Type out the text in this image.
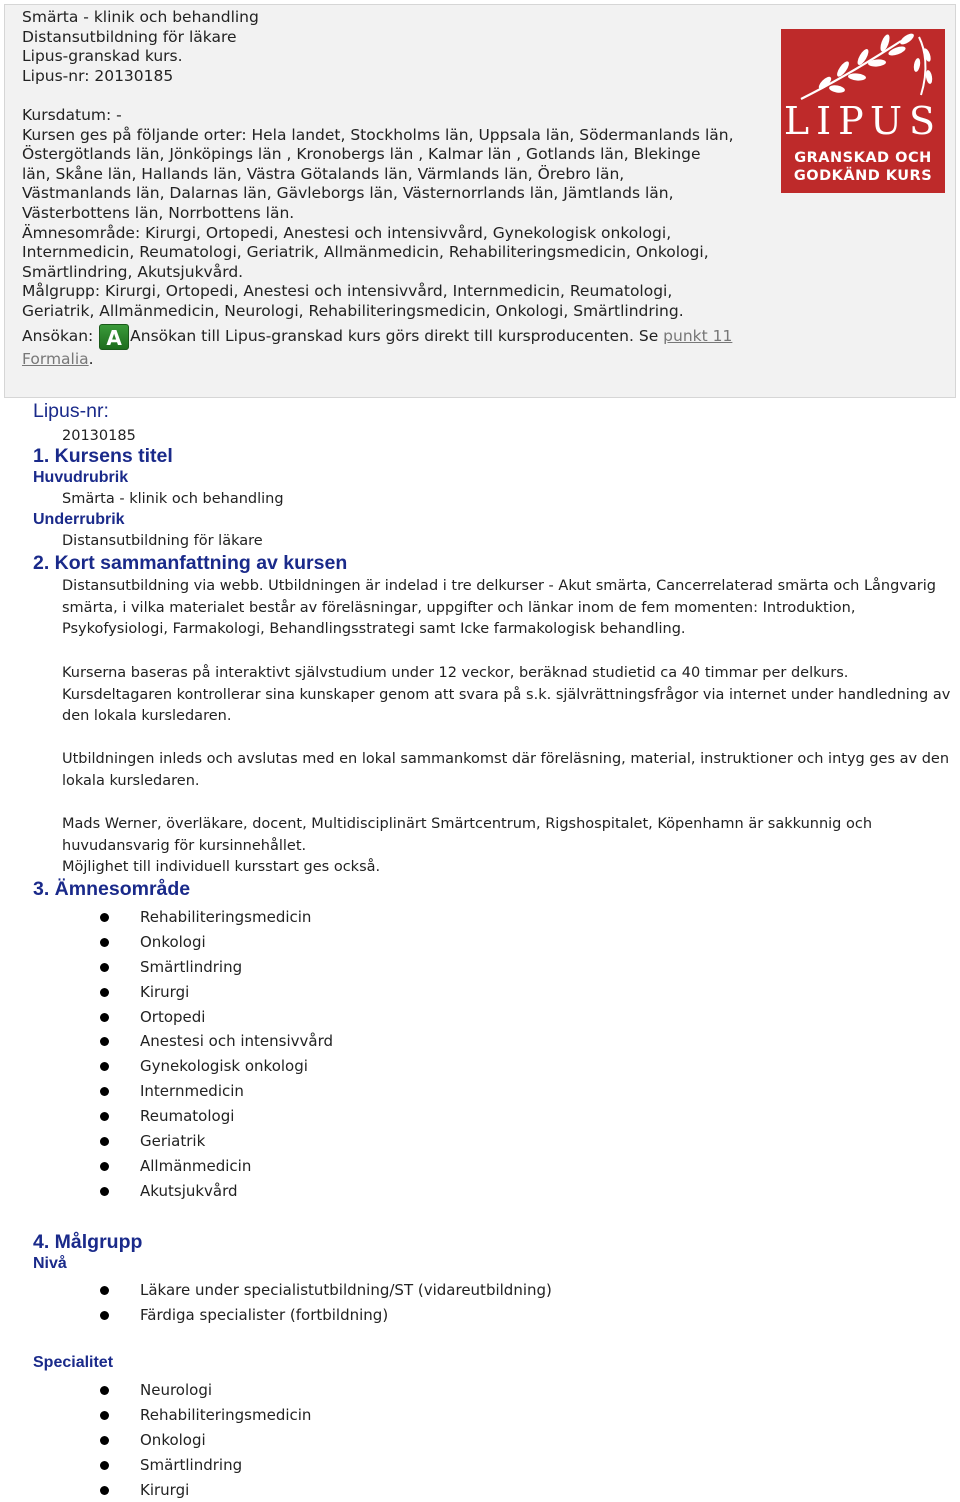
Smärta - klinik och behandling
Distansutbildning för läkare
Lipus-granskad kurs.
Lipus-nr: 20130185
Kursdatum: -
Kursen ges på följande orter: Hela landet, Stockholms län, Uppsala län, Södermanlands län,
Östergötlands län, Jönköpings län , Kronobergs län , Kalmar län , Gotlands län, Blekinge
län, Skåne län, Hallands län, Västra Götalands län, Värmlands län, Örebro län,
Västmanlands län, Dalarnas län, Gävleborgs län, Västernorrlands län, Jämtlands län,
Västerbottens län, Norrbottens län.
Ämnesområde: Kirurgi, Ortopedi, Anestesi och intensivvård, Gynekologisk onkologi,
Internmedicin, Reumatologi, Geriatrik, Allmänmedicin, Rehabiliteringsmedicin, Onkologi,
Smärtlindring, Akutsjukvård.
Målgrupp: Kirurgi, Ortopedi, Anestesi och intensivvård, Internmedicin, Reumatologi,
Geriatrik, Allmänmedicin, Neurologi, Rehabiliteringsmedicin, Onkologi, Smärtlindring.
Ansökan: A Ansökan till Lipus-granskad kurs görs direkt till kursproducenten. Se punkt 11
Formalia.
LIPUS
GRANSKAD OCH
GODKÄND KURS
Lipus-nr:
20130185
1. Kursens titel
Huvudrubrik
Smärta - klinik och behandling
Underrubrik
Distansutbildning för läkare
2. Kort sammanfattning av kursen
Distansutbildning via webb. Utbildningen är indelad i tre delkurser - Akut smärta, Cancerrelaterad smärta och Långvarig smärta, i vilka materialet består av föreläsningar, uppgifter och länkar inom de fem momenten: Introduktion, Psykofysiologi, Farmakologi, Behandlingsstrategi samt Icke farmakologisk behandling.
Kurserna baseras på interaktivt självstudium under 12 veckor, beräknad studietid ca 40 timmar per delkurs. Kursdeltagaren kontrollerar sina kunskaper genom att svara på s.k. självrättningsfrågor via internet under handledning av den lokala kursledaren.
Utbildningen inleds och avslutas med en lokal sammankomst där föreläsning, material, instruktioner och intyg ges av den lokala kursledaren.
Mads Werner, överläkare, docent, Multidisciplinärt Smärtcentrum, Rigshospitalet, Köpenhamn är sakkunnig och huvudansvarig för kursinnehållet.
Möjlighet till individuell kursstart ges också.
3. Ämnesområde
Rehabiliteringsmedicin
Onkologi
Smärtlindring
Kirurgi
Ortopedi
Anestesi och intensivvård
Gynekologisk onkologi
Internmedicin
Reumatologi
Geriatrik
Allmänmedicin
Akutsjukvård
4. Målgrupp
Nivå
Läkare under specialistutbildning/ST (vidareutbildning)
Färdiga specialister (fortbildning)
Specialitet
Neurologi
Rehabiliteringsmedicin
Onkologi
Smärtlindring
Kirurgi
